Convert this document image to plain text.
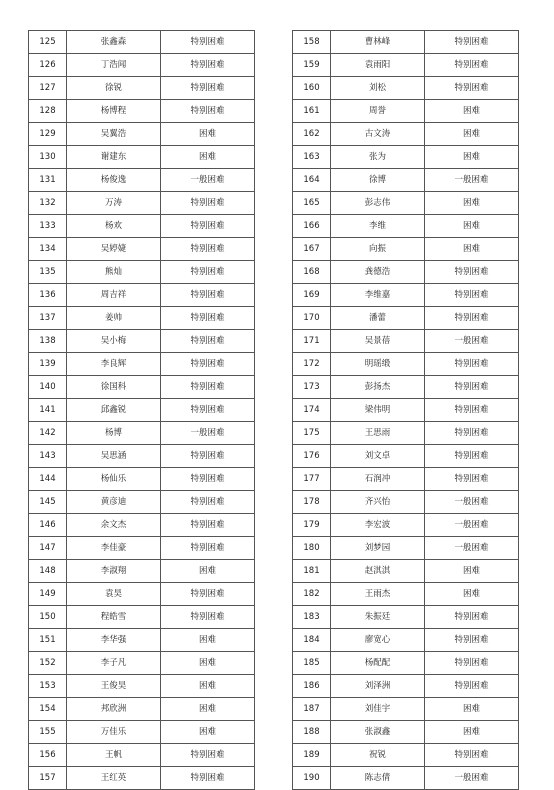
125	张鑫森	特别困难
126	丁浩闻	特别困难
127	徐锐	特别困难
128	杨博程	特别困难
129	吴翼浩	困难
130	谢建东	困难
131	杨俊逸	一般困难
132	万涛	特别困难
133	杨欢	特别困难
134	吴婷婕	特别困难
135	熊灿	特别困难
136	周吉祥	特别困难
137	姜帅	特别困难
138	吴小梅	特别困难
139	李良辉	特别困难
140	徐国科	特别困难
141	邱鑫锐	特别困难
142	杨博	一般困难
143	吴思涵	特别困难
144	杨仙乐	特别困难
145	黄彦迪	特别困难
146	余文杰	特别困难
147	李佳豪	特别困难
148	李淑翔	困难
149	袁昊	特别困难
150	程皓雪	特别困难
151	李华强	困难
152	李子凡	困难
153	王俊昊	困难
154	邦欣洲	困难
155	万佳乐	困难
156	王帆	特别困难
157	王红英	特别困难
158	曹林峰	特别困难
159	袁雨阳	特别困难
160	刘松	特别困难
161	周誉	困难
162	古文涛	困难
163	张为	困难
164	徐博	一般困难
165	彭志伟	困难
166	李维	困难
167	向振	困难
168	龚德浩	特别困难
169	李维嘉	特别困难
170	潘蕾	特别困难
171	吴景蓓	一般困难
172	明瑶缎	特别困难
173	彭扬杰	特别困难
174	梁伟明	特别困难
175	王思雨	特别困难
176	刘文卓	特别困难
177	石润冲	特别困难
178	齐兴怡	一般困难
179	李宏波	一般困难
180	刘梦园	一般困难
181	赵淇淇	困难
182	王雨杰	困难
183	朱振廷	特别困难
184	廖宽心	特别困难
185	杨配配	特别困难
186	刘泽洲	特别困难
187	刘佳宇	困难
188	张淑鑫	困难
189	祝锐	特别困难
190	陈志倩	一般困难
